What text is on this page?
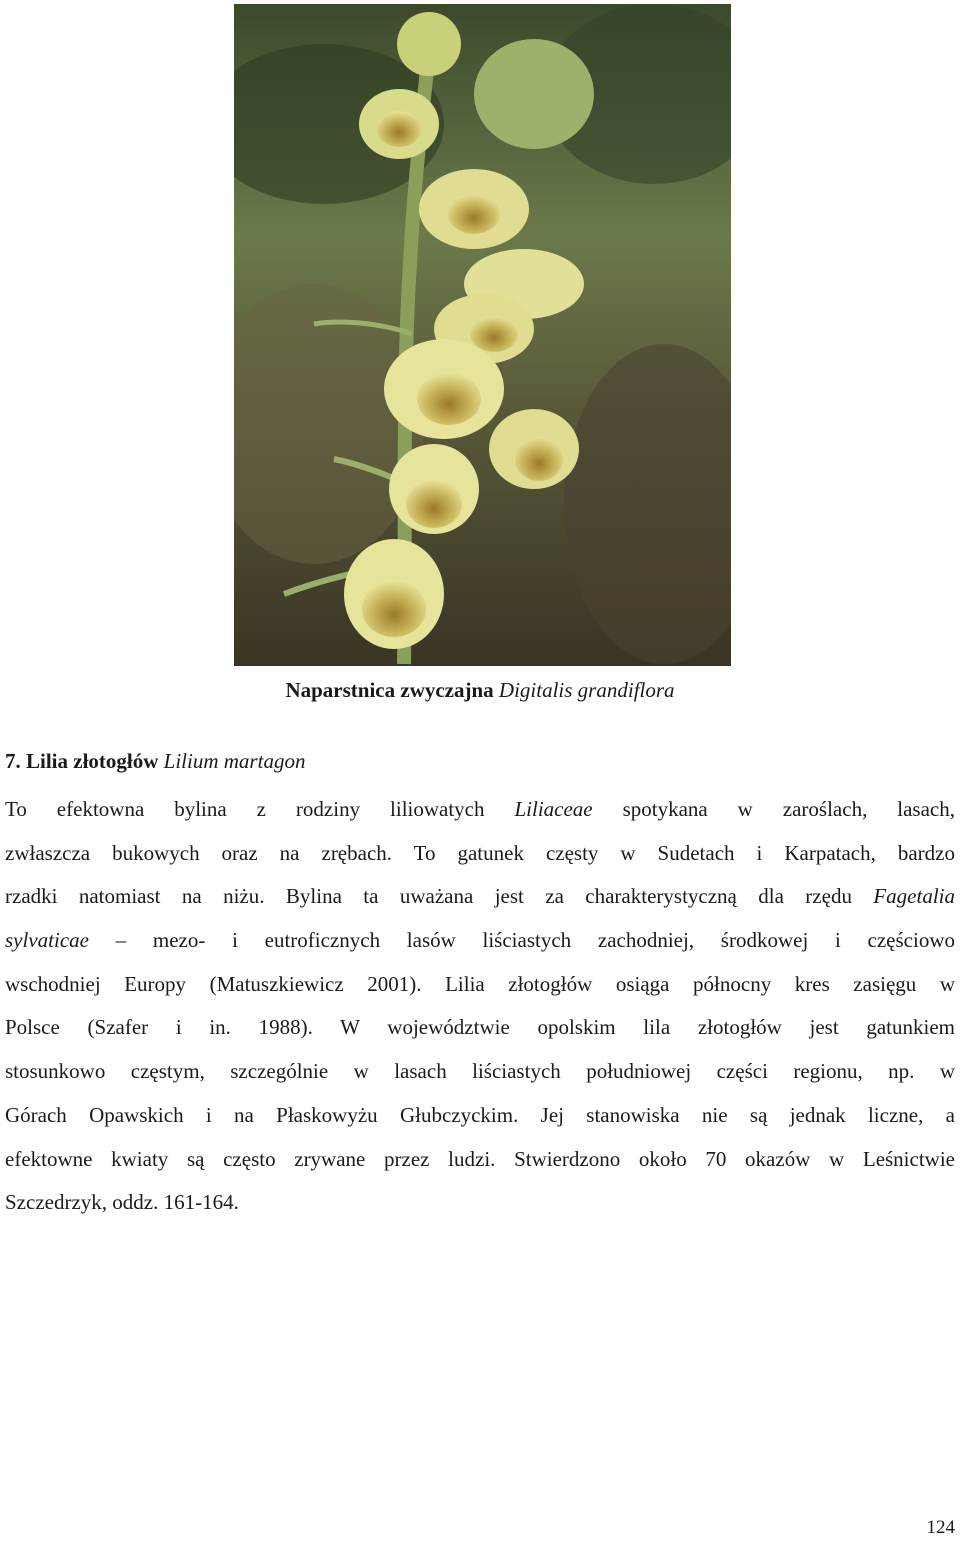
Naparstnica zwyczajna Digitalis grandiflora
7. Lilia złotogłów Lilium martagon
To efektowna bylina z rodziny liliowatych Liliaceae spotykana w zaroślach, lasach,
zwłaszcza bukowych oraz na zrębach. To gatunek częsty w Sudetach i Karpatach, bardzo
rzadki natomiast na niżu. Bylina ta uważana jest za charakterystyczną dla rzędu Fagetalia
sylvaticae – mezo- i eutroficznych lasów liściastych zachodniej, środkowej i częściowo
wschodniej Europy (Matuszkiewicz 2001). Lilia złotogłów osiąga północny kres zasięgu w
Polsce (Szafer i in. 1988). W województwie opolskim lila złotogłów jest gatunkiem
stosunkowo częstym, szczególnie w lasach liściastych południowej części regionu, np. w
Górach Opawskich i na Płaskowyżu Głubczyckim. Jej stanowiska nie są jednak liczne, a
efektowne kwiaty są często zrywane przez ludzi. Stwierdzono około 70 okazów w Leśnictwie
Szczedrzyk, oddz. 161-164.
124
